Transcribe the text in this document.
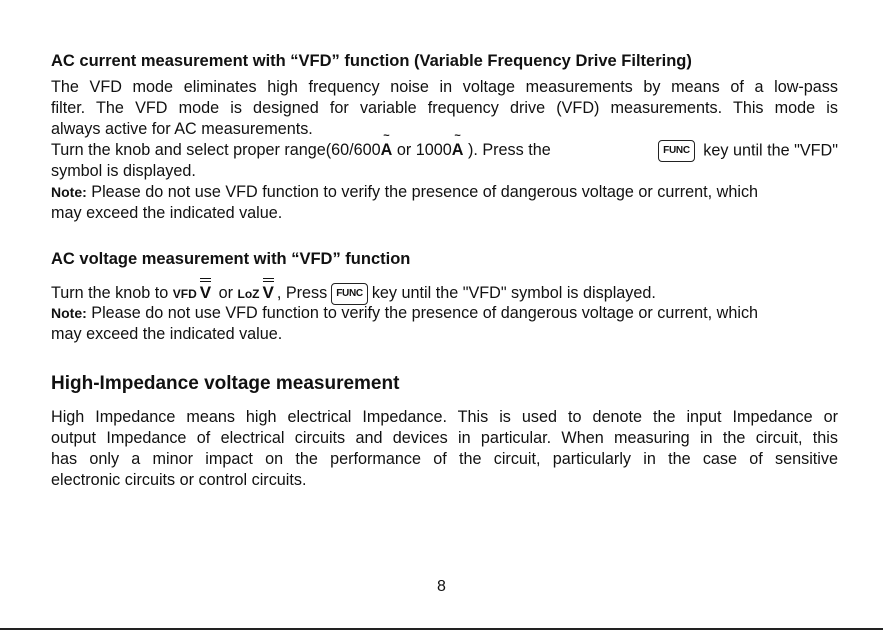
AC current measurement with “VFD” function (Variable Frequency Drive Filtering)
The VFD mode eliminates high frequency noise in voltage measurements by means of a low-pass
filter. The VFD mode is designed for variable frequency drive (VFD) measurements. This mode is
always active for AC measurements.
Turn the knob and select proper range(60/600
~
A or 1000
~
A ). Press the	FUNC key until the "VFD"
symbol is displayed.
Note: Please do not use VFD function to verify the presence of dangerous voltage or current, which
may exceed the indicated value.
AC voltage measurement with “VFD” function
Turn the knob to VFD V or LoZ V , Press FUNC key until the "VFD" symbol is displayed.
Note: Please do not use VFD function to verify the presence of dangerous voltage or current, which
may exceed the indicated value.
High-Impedance voltage measurement
High Impedance means high electrical Impedance. This is used to denote the input Impedance or
output Impedance of electrical circuits and devices in particular. When measuring in the circuit, this
has only a minor impact on the performance of the circuit, particularly in the case of sensitive
electronic circuits or control circuits.
8
